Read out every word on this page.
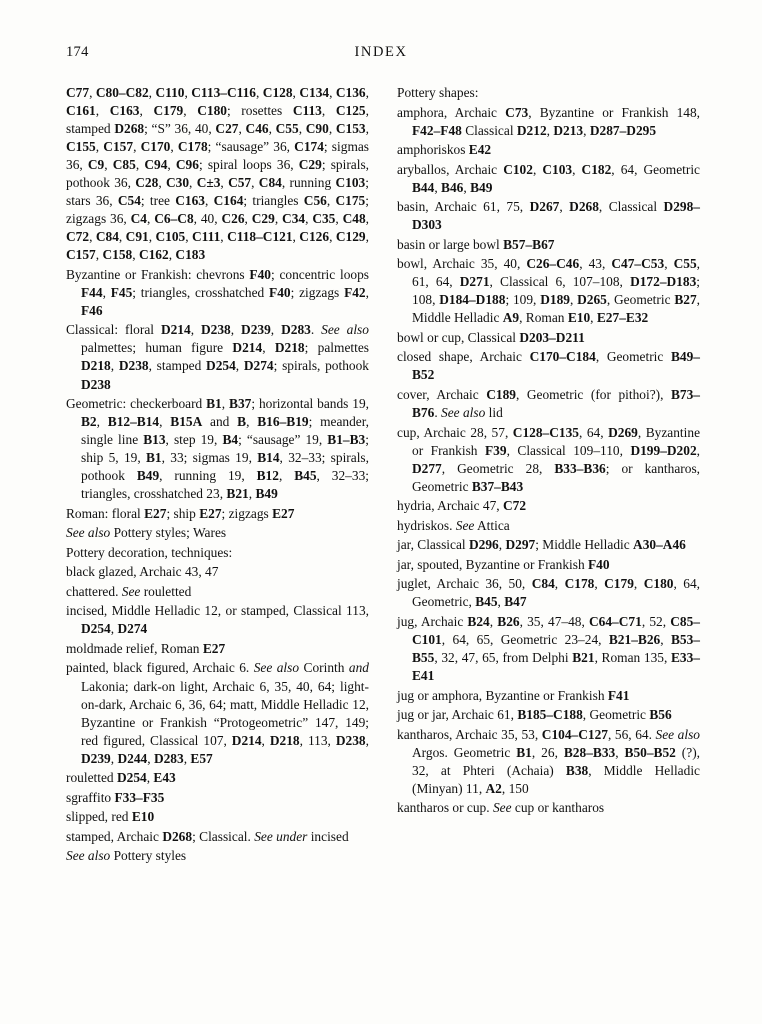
174	INDEX

C77, C80–C82, C110, C113–C116, C128, C134, C136, C161, C163, C179, C180; rosettes C113, C125, stamped D268; “S” 36, 40, C27, C46, C55, C90, C153, C155, C157, C170, C178; “sausage” 36, C174; sigmas 36, C9, C85, C94, C96; spiral loops 36, C29; spirals, pothook 36, C28, C30, C±3, C57, C84, running C103; stars 36, C54; tree C163, C164; triangles C56, C175; zigzags 36, C4, C6–C8, 40, C26, C29, C34, C35, C48, C72, C84, C91, C105, C111, C118–C121, C126, C129, C157, C158, C162, C183

Byzantine or Frankish: chevrons F40; concentric loops F44, F45; triangles, crosshatched F40; zigzags F42, F46

Classical: floral D214, D238, D239, D283. See also palmettes; human figure D214, D218; palmettes D218, D238, stamped D254, D274; spirals, pothook D238

Geometric: checkerboard B1, B37; horizontal bands 19, B2, B12–B14, B15A and B, B16–B19; meander, single line B13, step 19, B4; “sausage” 19, B1–B3; ship 5, 19, B1, 33; sigmas 19, B14, 32–33; spirals, pothook B49, running 19, B12, B45, 32–33; triangles, crosshatched 23, B21, B49

Roman: floral E27; ship E27; zigzags E27

See also Pottery styles; Wares

Pottery decoration, techniques:

black glazed, Archaic 43, 47

chattered. See rouletted

incised, Middle Helladic 12, or stamped, Classical 113, D254, D274

moldmade relief, Roman E27

painted, black figured, Archaic 6. See also Corinth and Lakonia; dark-on light, Archaic 6, 35, 40, 64; light-on-dark, Archaic 6, 36, 64; matt, Middle Helladic 12, Byzantine or Frankish “Protogeometric” 147, 149; red figured, Classical 107, D214, D218, 113, D238, D239, D244, D283, E57

rouletted D254, E43

sgraffito F33–F35

slipped, red E10

stamped, Archaic D268; Classical. See under incised

See also Pottery styles

Pottery shapes:

amphora, Archaic C73, Byzantine or Frankish 148, F42–F48 Classical D212, D213, D287–D295

amphoriskos E42

aryballos, Archaic C102, C103, C182, 64, Geometric B44, B46, B49

basin, Archaic 61, 75, D267, D268, Classical D298–D303

basin or large bowl B57–B67

bowl, Archaic 35, 40, C26–C46, 43, C47–C53, C55, 61, 64, D271, Classical 6, 107–108, D172–D183; 108, D184–D188; 109, D189, D265, Geometric B27, Middle Helladic A9, Roman E10, E27–E32

bowl or cup, Classical D203–D211

closed shape, Archaic C170–C184, Geometric B49–B52

cover, Archaic C189, Geometric (for pithoi?), B73–B76. See also lid

cup, Archaic 28, 57, C128–C135, 64, D269, Byzantine or Frankish F39, Classical 109–110, D199–D202, D277, Geometric 28, B33–B36; or kantharos, Geometric B37–B43

hydria, Archaic 47, C72

hydriskos. See Attica

jar, Classical D296, D297; Middle Helladic A30–A46

jar, spouted, Byzantine or Frankish F40

juglet, Archaic 36, 50, C84, C178, C179, C180, 64, Geometric, B45, B47

jug, Archaic B24, B26, 35, 47–48, C64–C71, 52, C85–C101, 64, 65, Geometric 23–24, B21–B26, B53–B55, 32, 47, 65, from Delphi B21, Roman 135, E33–E41

jug or amphora, Byzantine or Frankish F41

jug or jar, Archaic 61, B185–C188, Geometric B56

kantharos, Archaic 35, 53, C104–C127, 56, 64. See also Argos. Geometric B1, 26, B28–B33, B50–B52 (?), 32, at Phteri (Achaia) B38, Middle Helladic (Minyan) 11, A2, 150

kantharos or cup. See cup or kantharos
